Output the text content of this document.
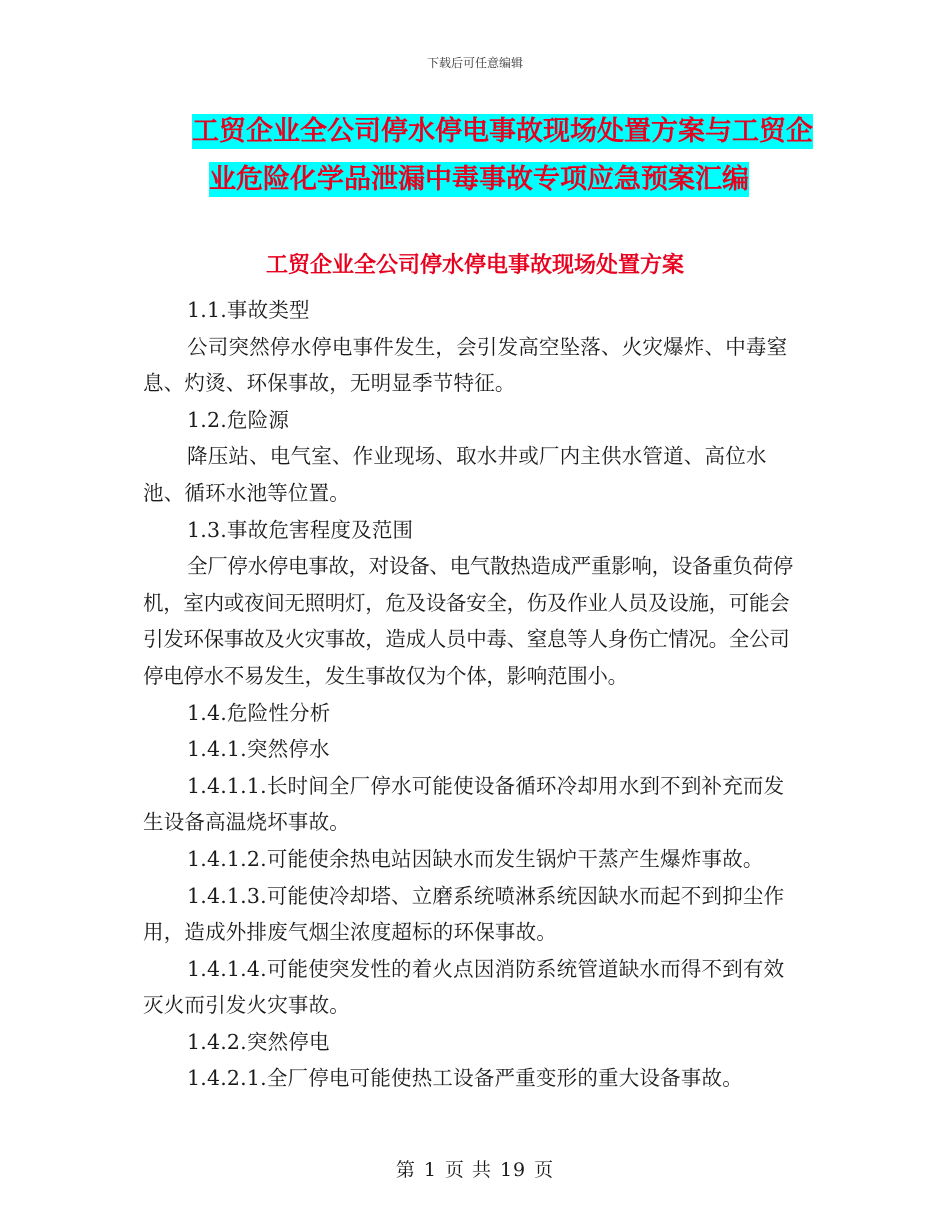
下载后可任意编辑
工贸企业全公司停水停电事故现场处置方案与工贸企
业危险化学品泄漏中毒事故专项应急预案汇编
工贸企业全公司停水停电事故现场处置方案

1.1.事故类型

公司突然停水停电事件发生，会引发高空坠落、火灾爆炸、中毒窒息、灼烫、环保事故，无明显季节特征。

1.2.危险源

降压站、电气室、作业现场、取水井或厂内主供水管道、高位水池、循环水池等位置。

1.3.事故危害程度及范围

全厂停水停电事故，对设备、电气散热造成严重影响，设备重负荷停机，室内或夜间无照明灯，危及设备安全，伤及作业人员及设施，可能会引发环保事故及火灾事故，造成人员中毒、窒息等人身伤亡情况。全公司停电停水不易发生，发生事故仅为个体，影响范围小。

1.4.危险性分析

1.4.1.突然停水

1.4.1.1.长时间全厂停水可能使设备循环冷却用水到不到补充而发生设备高温烧坏事故。

1.4.1.2.可能使余热电站因缺水而发生锅炉干蒸产生爆炸事故。

1.4.1.3.可能使冷却塔、立磨系统喷淋系统因缺水而起不到抑尘作用，造成外排废气烟尘浓度超标的环保事故。

1.4.1.4.可能使突发性的着火点因消防系统管道缺水而得不到有效灭火而引发火灾事故。

1.4.2.突然停电

1.4.2.1.全厂停电可能使热工设备严重变形的重大设备事故。

第 1 页 共 19 页
